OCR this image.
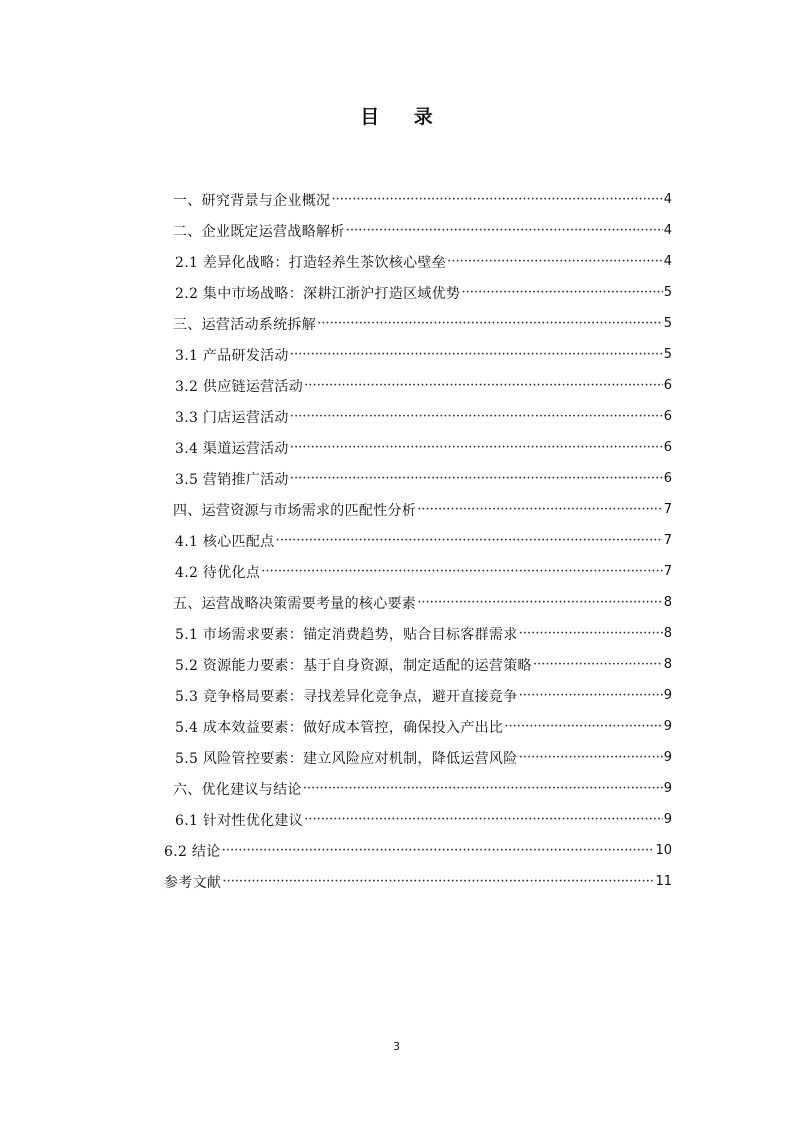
目 录
一、研究背景与企业概况 ·····	4
二、企业既定运营战略解析 ·····	4
2.1 差异化战略：打造轻养生茶饮核心壁垒 ·····	4
2.2 集中市场战略：深耕江浙沪打造区域优势 ·····	5
三、运营活动系统拆解 ·····	5
3.1 产品研发活动 ·····	5
3.2 供应链运营活动 ·····	6
3.3 门店运营活动 ·····	6
3.4 渠道运营活动 ·····	6
3.5 营销推广活动 ·····	6
四、运营资源与市场需求的匹配性分析 ·····	7
4.1 核心匹配点 ·····	7
4.2 待优化点 ·····	7
五、运营战略决策需要考量的核心要素 ·····	8
5.1 市场需求要素：锚定消费趋势，贴合目标客群需求 ·····	8
5.2 资源能力要素：基于自身资源，制定适配的运营策略 ·····	8
5.3 竞争格局要素：寻找差异化竞争点，避开直接竞争 ·····	9
5.4 成本效益要素：做好成本管控，确保投入产出比 ·····	9
5.5 风险管控要素：建立风险应对机制，降低运营风险 ·····	9
六、优化建议与结论 ·····	9
6.1 针对性优化建议 ·····	9
6.2 结论 ·····	10
参考文献 ·····	11
3
